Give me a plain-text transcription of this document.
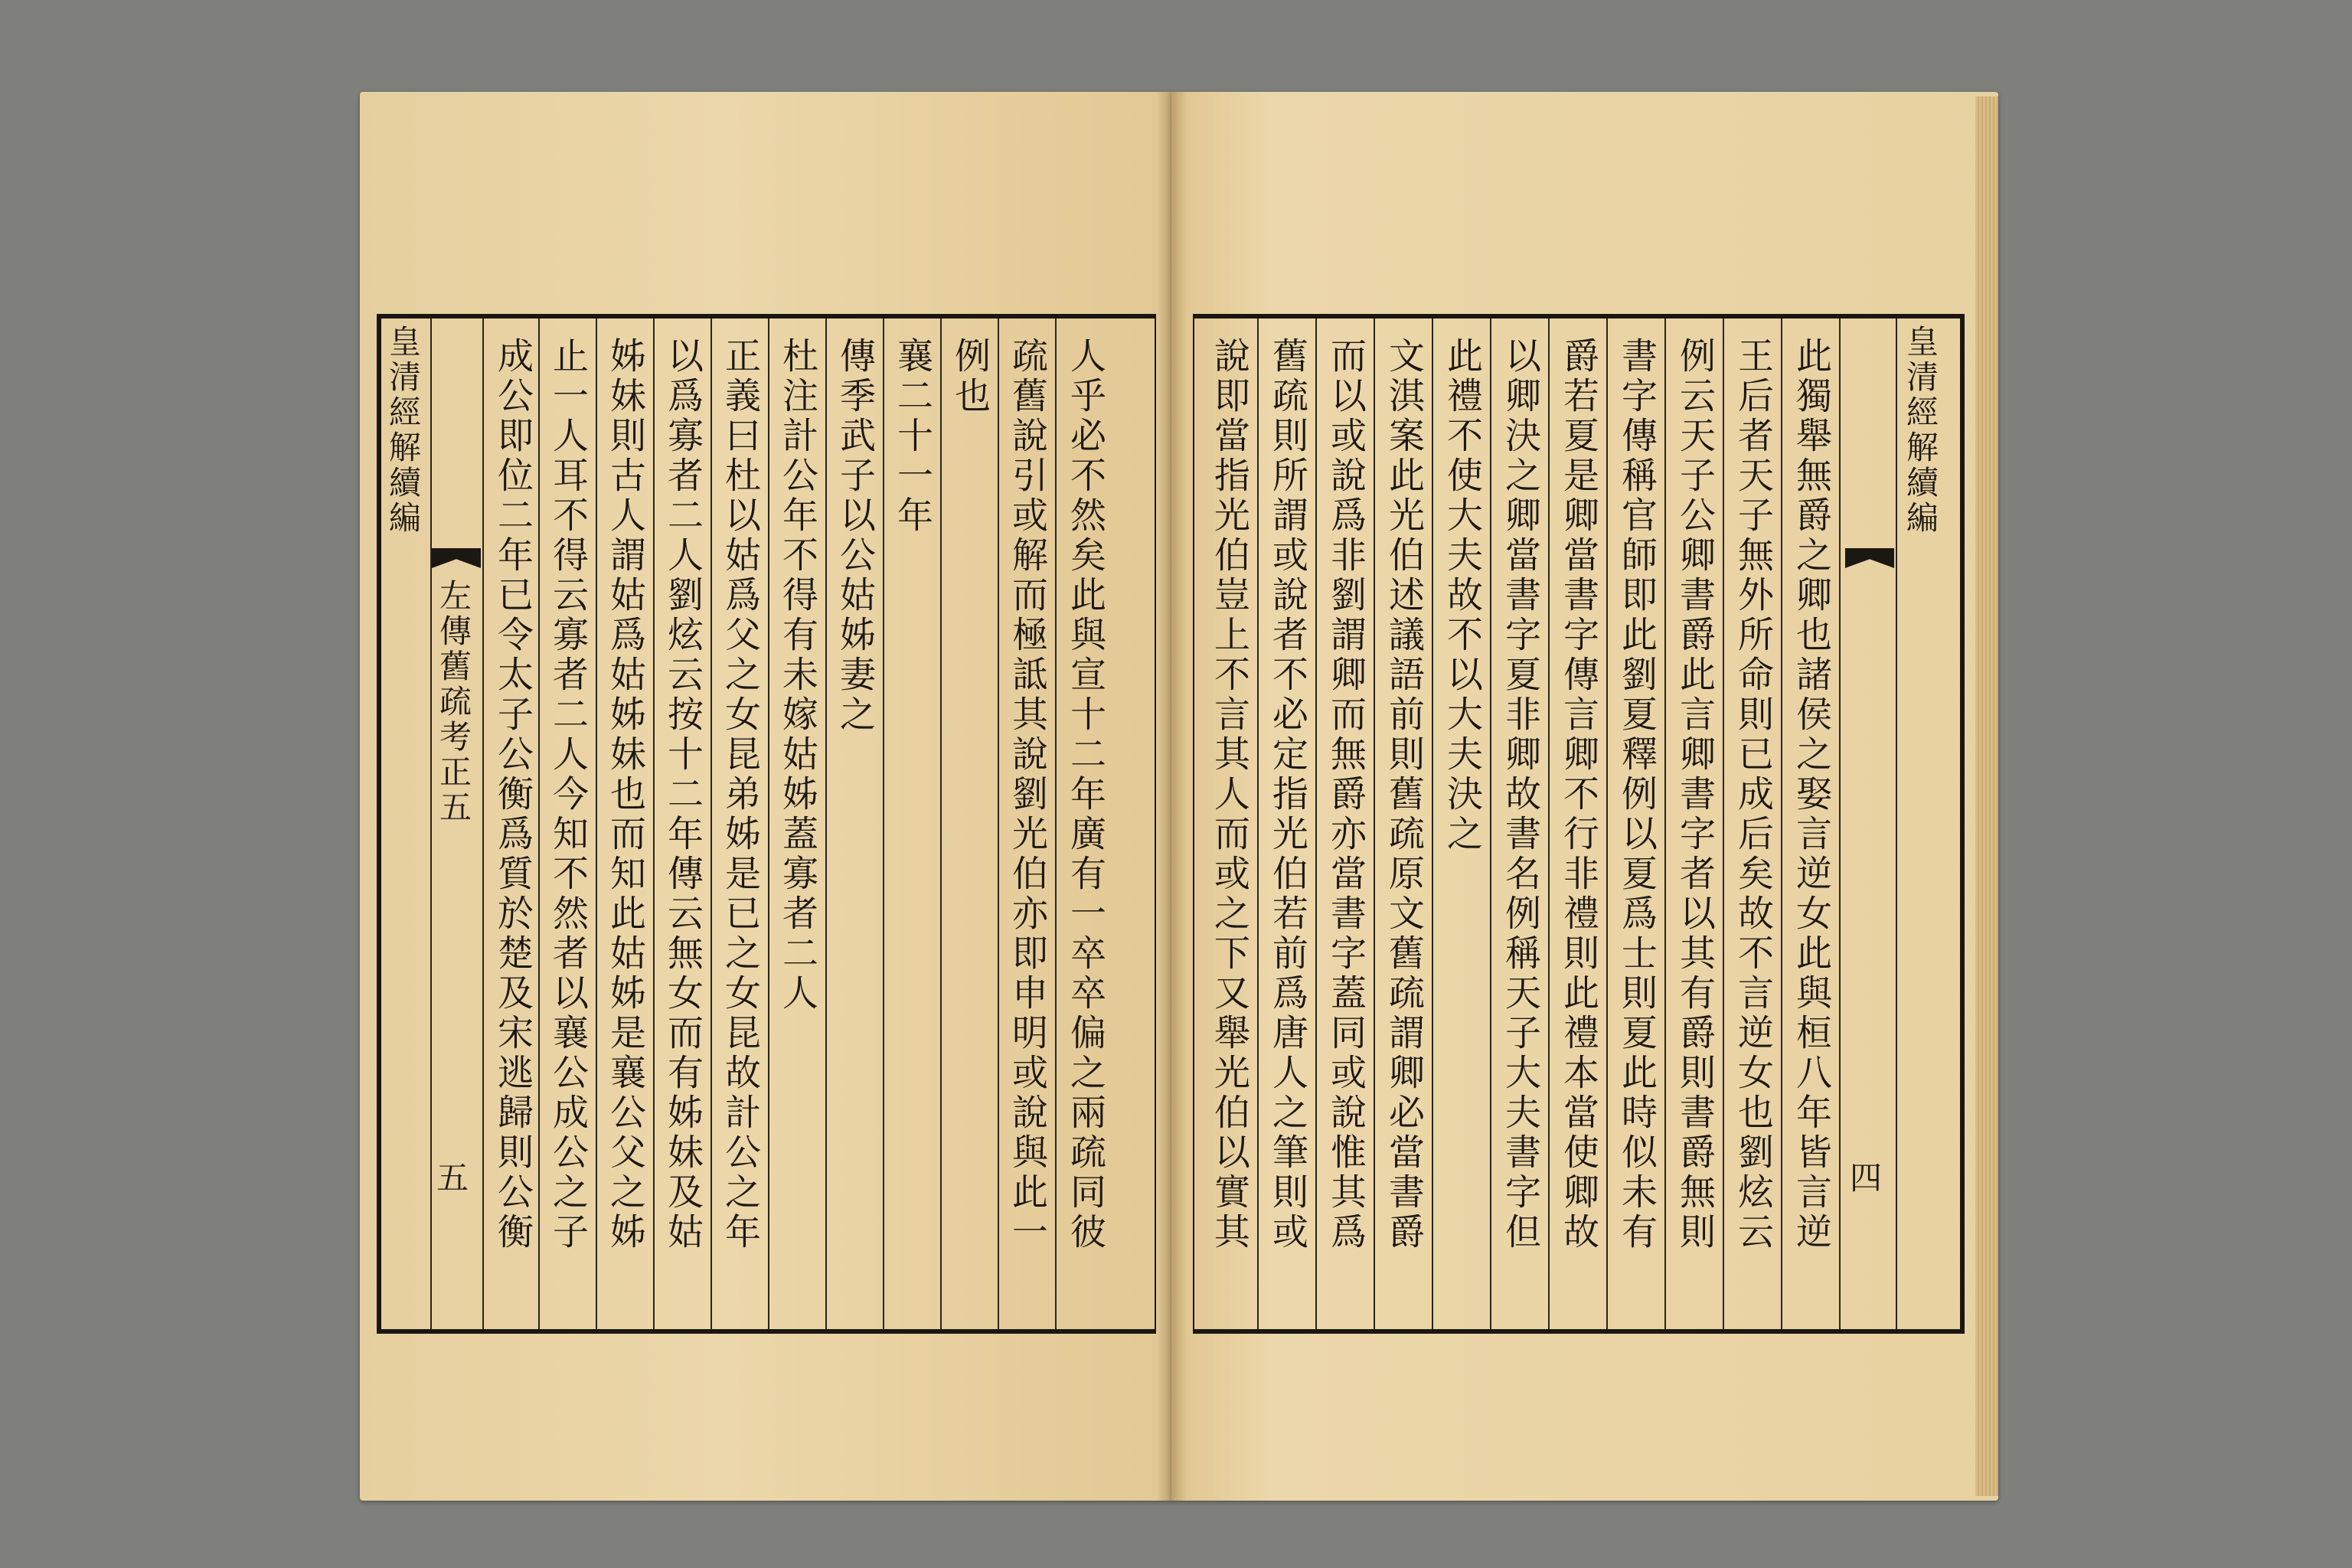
皇清經解續編
左傳舊疏考正五
五	人乎必不然矣此與宣十二年廣有一卒卒偏之兩疏同彼
疏舊說引或解而極詆其說劉光伯亦即申明或說與此一
例也
襄二十一年
傳季武子以公姑姊妻之
杜注計公年不得有未嫁姑姊蓋寡者二人
正義曰杜以姑爲父之女昆弟姊是已之女昆故計公之年
以爲寡者二人劉炫云按十二年傳云無女而有姊妹及姑
姊妹則古人謂姑爲姑姊妹也而知此姑姊是襄公父之姊
止一人耳不得云寡者二人今知不然者以襄公成公之子
成公即位二年已令太子公衡爲質於楚及宋逃歸則公衡	說即當指光伯豈上不言其人而或之下又舉光伯以實其 舊疏則所謂或說者不必定指光伯若前爲唐人之筆則或 而以或說爲非劉謂卿而無爵亦當書字蓋同或說惟其爲 文淇案此光伯述議語前則舊疏原文舊疏謂卿必當書爵 此禮不使大夫故不以大夫決之 以卿決之卿當書字夏非卿故書名例稱天子大夫書字但 爵若夏是卿當書字傳言卿不行非禮則此禮本當使卿故 書字傳稱官師即此劉夏釋例以夏爲士則夏此時似未有 例云天子公卿書爵此言卿書字者以其有爵則書爵無則 王后者天子無外所命則已成后矣故不言逆女也劉炫云 此獨舉無爵之卿也諸侯之娶言逆女此與桓八年皆言逆 四
皇清經解續編
